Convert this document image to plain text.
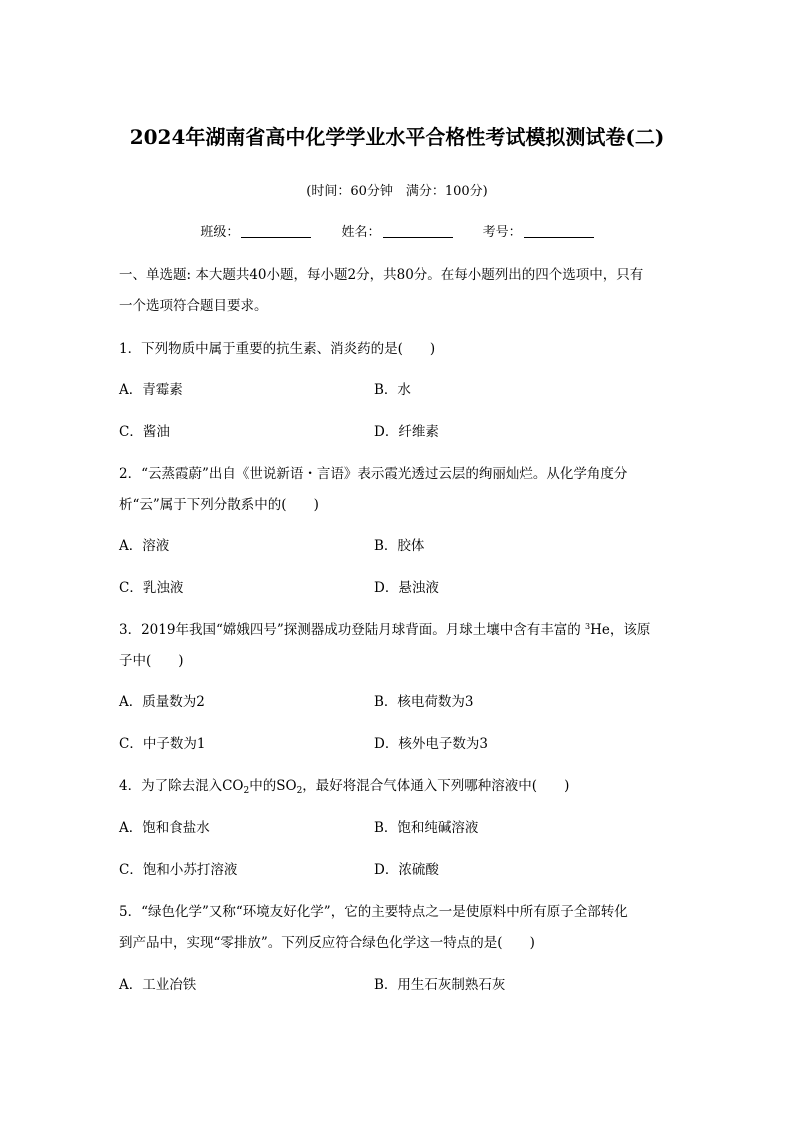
2024年湖南省高中化学学业水平合格性考试模拟测试卷(二)
(时间：60分钟　满分：100分)
班级：	姓名：	考号：
一、单选题: 本大题共40小题，每小题2分，共80分。在每小题列出的四个选项中，只有
一个选项符合题目要求。
1．下列物质中属于重要的抗生素、消炎药的是(　　)
A．青霉素	B．水
C．酱油	D．纤维素
2．“云蒸霞蔚”出自《世说新语・言语》表示霞光透过云层的绚丽灿烂。从化学角度分
析“云”属于下列分散系中的(　　)
A．溶液	B．胶体
C．乳浊液	D．悬浊液
3．2019年我国“嫦娥四号”探测器成功登陆月球背面。月球土壤中含有丰富的 $^3$He，该原
子中(　　)
A．质量数为2	B．核电荷数为3
C．中子数为1	D．核外电子数为3
4．为了除去混入$CO_2$中的$SO_2$，最好将混合气体通入下列哪种溶液中(　　)
A．饱和食盐水	B．饱和纯碱溶液
C．饱和小苏打溶液	D．浓硫酸
5．“绿色化学”又称“环境友好化学”，它的主要特点之一是使原料中所有原子全部转化
到产品中，实现“零排放”。下列反应符合绿色化学这一特点的是(　　)
A．工业冶铁	B．用生石灰制熟石灰
